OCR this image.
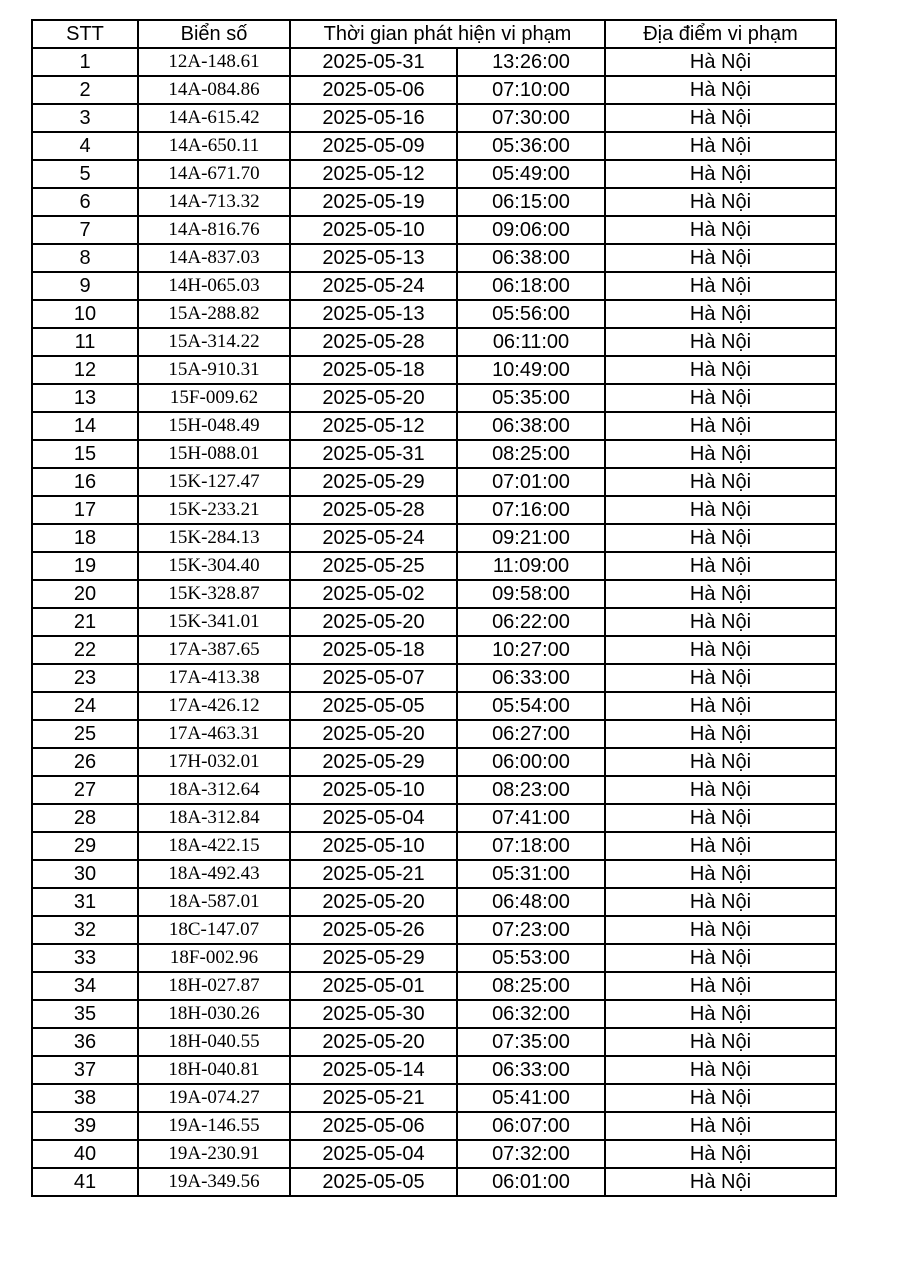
STT	Biển số	Thời gian phát hiện vi phạm		Địa điểm vi phạm
1	12A-148.61	2025-05-31	13:26:00	Hà Nội
2	14A-084.86	2025-05-06	07:10:00	Hà Nội
3	14A-615.42	2025-05-16	07:30:00	Hà Nội
4	14A-650.11	2025-05-09	05:36:00	Hà Nội
5	14A-671.70	2025-05-12	05:49:00	Hà Nội
6	14A-713.32	2025-05-19	06:15:00	Hà Nội
7	14A-816.76	2025-05-10	09:06:00	Hà Nội
8	14A-837.03	2025-05-13	06:38:00	Hà Nội
9	14H-065.03	2025-05-24	06:18:00	Hà Nội
10	15A-288.82	2025-05-13	05:56:00	Hà Nội
11	15A-314.22	2025-05-28	06:11:00	Hà Nội
12	15A-910.31	2025-05-18	10:49:00	Hà Nội
13	15F-009.62	2025-05-20	05:35:00	Hà Nội
14	15H-048.49	2025-05-12	06:38:00	Hà Nội
15	15H-088.01	2025-05-31	08:25:00	Hà Nội
16	15K-127.47	2025-05-29	07:01:00	Hà Nội
17	15K-233.21	2025-05-28	07:16:00	Hà Nội
18	15K-284.13	2025-05-24	09:21:00	Hà Nội
19	15K-304.40	2025-05-25	11:09:00	Hà Nội
20	15K-328.87	2025-05-02	09:58:00	Hà Nội
21	15K-341.01	2025-05-20	06:22:00	Hà Nội
22	17A-387.65	2025-05-18	10:27:00	Hà Nội
23	17A-413.38	2025-05-07	06:33:00	Hà Nội
24	17A-426.12	2025-05-05	05:54:00	Hà Nội
25	17A-463.31	2025-05-20	06:27:00	Hà Nội
26	17H-032.01	2025-05-29	06:00:00	Hà Nội
27	18A-312.64	2025-05-10	08:23:00	Hà Nội
28	18A-312.84	2025-05-04	07:41:00	Hà Nội
29	18A-422.15	2025-05-10	07:18:00	Hà Nội
30	18A-492.43	2025-05-21	05:31:00	Hà Nội
31	18A-587.01	2025-05-20	06:48:00	Hà Nội
32	18C-147.07	2025-05-26	07:23:00	Hà Nội
33	18F-002.96	2025-05-29	05:53:00	Hà Nội
34	18H-027.87	2025-05-01	08:25:00	Hà Nội
35	18H-030.26	2025-05-30	06:32:00	Hà Nội
36	18H-040.55	2025-05-20	07:35:00	Hà Nội
37	18H-040.81	2025-05-14	06:33:00	Hà Nội
38	19A-074.27	2025-05-21	05:41:00	Hà Nội
39	19A-146.55	2025-05-06	06:07:00	Hà Nội
40	19A-230.91	2025-05-04	07:32:00	Hà Nội
41	19A-349.56	2025-05-05	06:01:00	Hà Nội
